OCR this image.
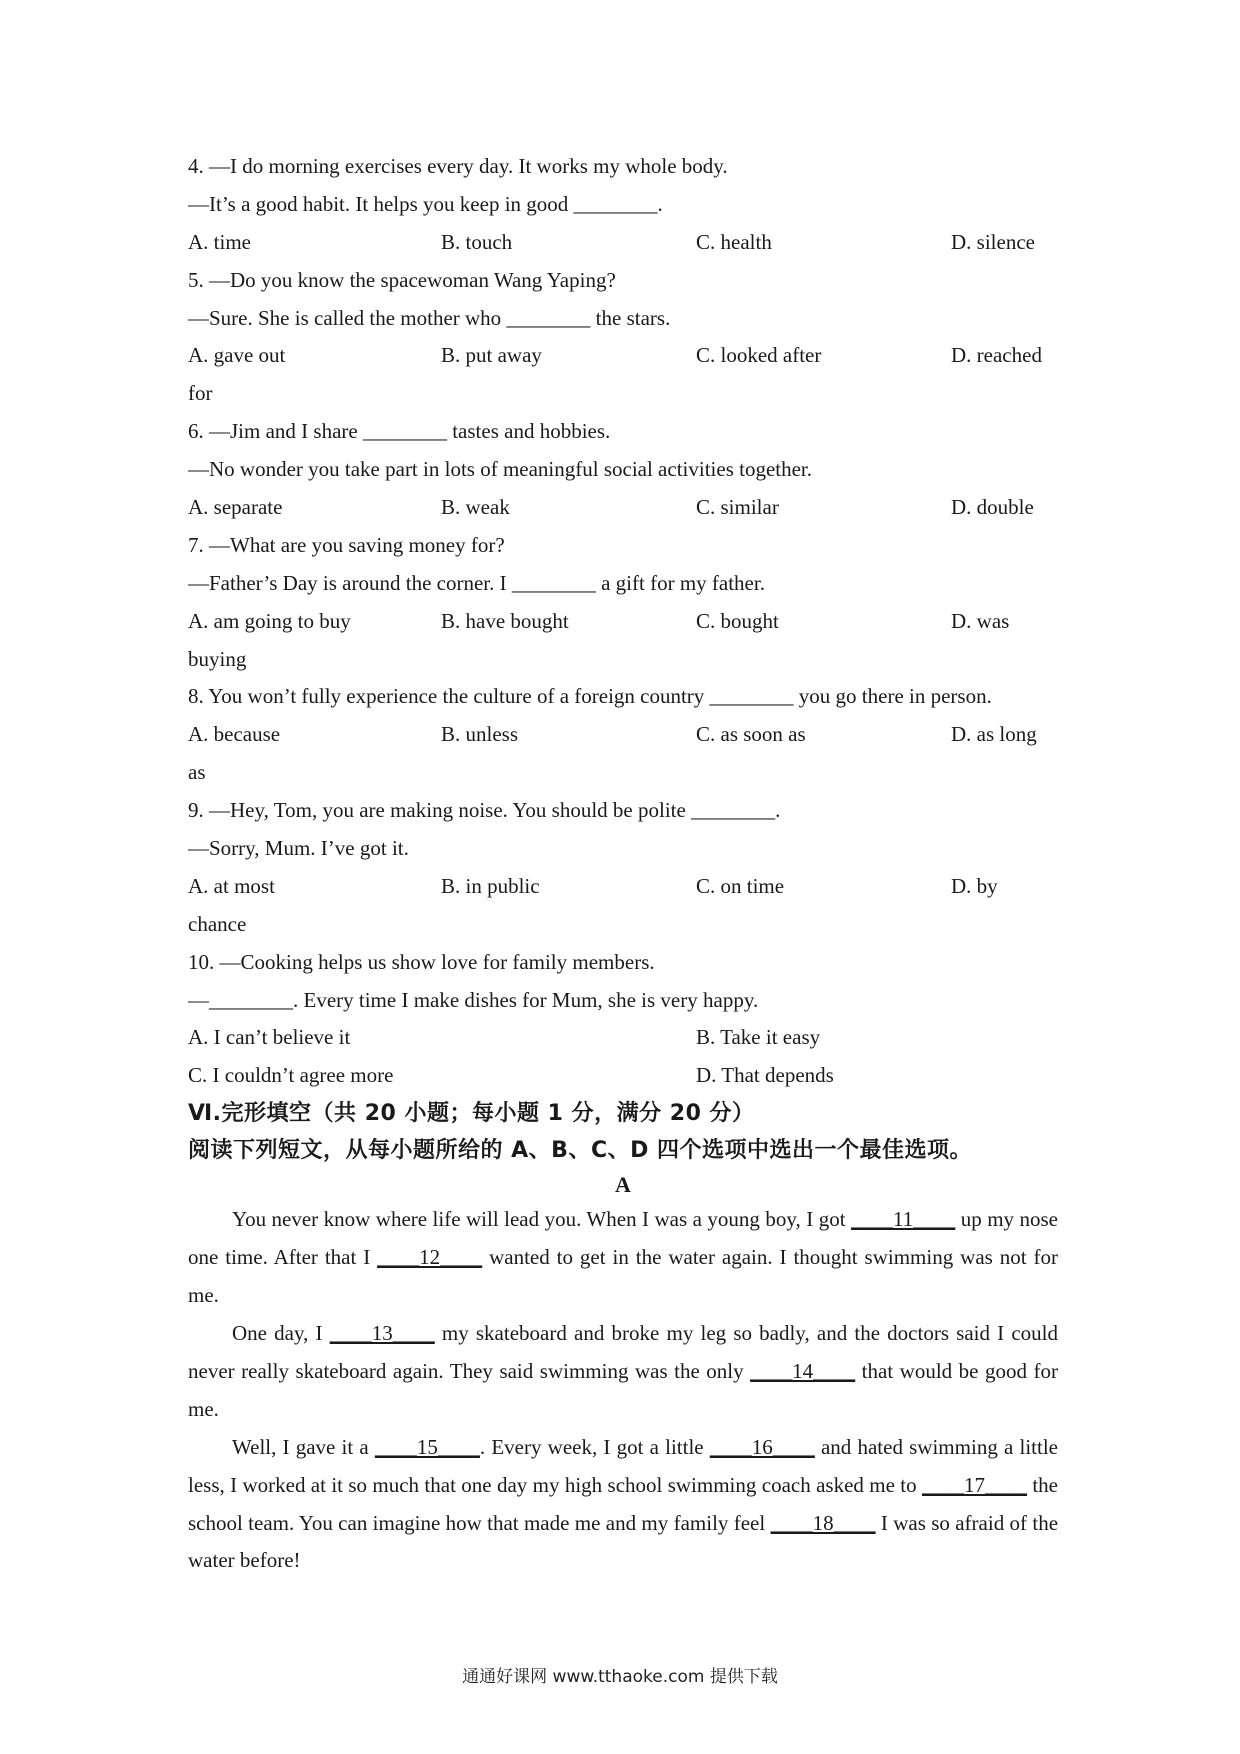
4. —I do morning exercises every day. It works my whole body.
—It’s a good habit. It helps you keep in good ________.
A. time	B. touch	C. health	D. silence
5. —Do you know the spacewoman Wang Yaping?
—Sure. She is called the mother who ________ the stars.
A. gave out	B. put away	C. looked after	D. reached
for
6. —Jim and I share ________ tastes and hobbies.
—No wonder you take part in lots of meaningful social activities together.
A. separate	B. weak	C. similar	D. double
7. —What are you saving money for?
—Father’s Day is around the corner. I ________ a gift for my father.
A. am going to buy	B. have bought	C. bought	D. was
buying
8. You won’t fully experience the culture of a foreign country ________ you go there in person.
A. because	B. unless	C. as soon as	D. as long
as
9. —Hey, Tom, you are making noise. You should be polite ________.
—Sorry, Mum. I’ve got it.
A. at most	B. in public	C. on time	D. by
chance
10. —Cooking helps us show love for family members.
—________. Every time I make dishes for Mum, she is very happy.
A. I can’t believe it	B. Take it easy
C. I couldn’t agree more	D. That depends
Ⅵ.完形填空（共 20 小题；每小题 1 分，满分 20 分）
阅读下列短文，从每小题所给的 A、B、C、D 四个选项中选出一个最佳选项。
A
You never know where life will lead you. When I was a young boy, I got ____11____ up my nose one time. After that I ____12____ wanted to get in the water again. I thought swimming was not for me.
One day, I ____13____ my skateboard and broke my leg so badly, and the doctors said I could never really skateboard again. They said swimming was the only ____14____ that would be good for me.
Well, I gave it a ____15____. Every week, I got a little ____16____ and hated swimming a little less, I worked at it so much that one day my high school swimming coach asked me to ____17____ the school team. You can imagine how that made me and my family feel ____18____ I was so afraid of the water before!
通通好课网 www.tthaoke.com 提供下载
